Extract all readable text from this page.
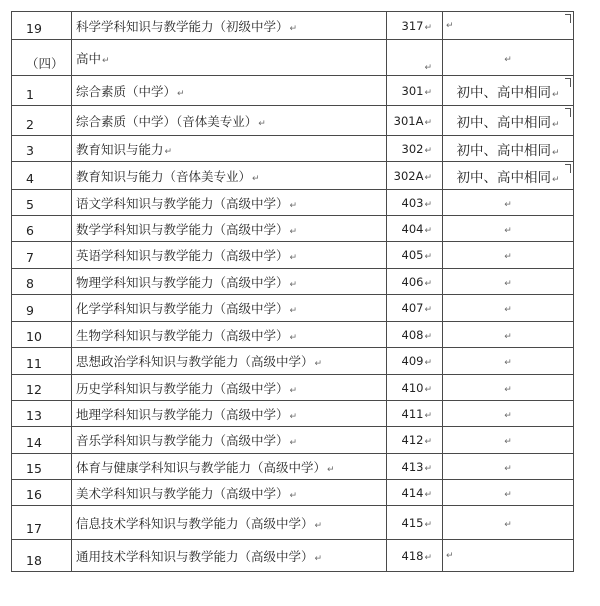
19	科学学科知识与教学能力（初级中学）↵	317↵	↵

（四）	高中↵	↵	↵
1	综合素质（中学）↵	301↵	初中、高中相同↵

2	综合素质（中学）（音体美专业）↵	301A↵	初中、高中相同↵

3	教育知识与能力↵	302↵	初中、高中相同↵
4	教育知识与能力（音体美专业）↵	302A↵	初中、高中相同↵

5	语文学科知识与教学能力（高级中学）↵	403↵	↵
6	数学学科知识与教学能力（高级中学）↵	404↵	↵
7	英语学科知识与教学能力（高级中学）↵	405↵	↵
8	物理学科知识与教学能力（高级中学）↵	406↵	↵
9	化学学科知识与教学能力（高级中学）↵	407↵	↵
10	生物学科知识与教学能力（高级中学）↵	408↵	↵
11	思想政治学科知识与教学能力（高级中学）↵	409↵	↵
12	历史学科知识与教学能力（高级中学）↵	410↵	↵
13	地理学科知识与教学能力（高级中学）↵	411↵	↵
14	音乐学科知识与教学能力（高级中学）↵	412↵	↵
15	体育与健康学科知识与教学能力（高级中学）↵	413↵	↵
16	美术学科知识与教学能力（高级中学）↵	414↵	↵
17	信息技术学科知识与教学能力（高级中学）↵	415↵	↵
18	通用技术学科知识与教学能力（高级中学）↵	418↵	↵
